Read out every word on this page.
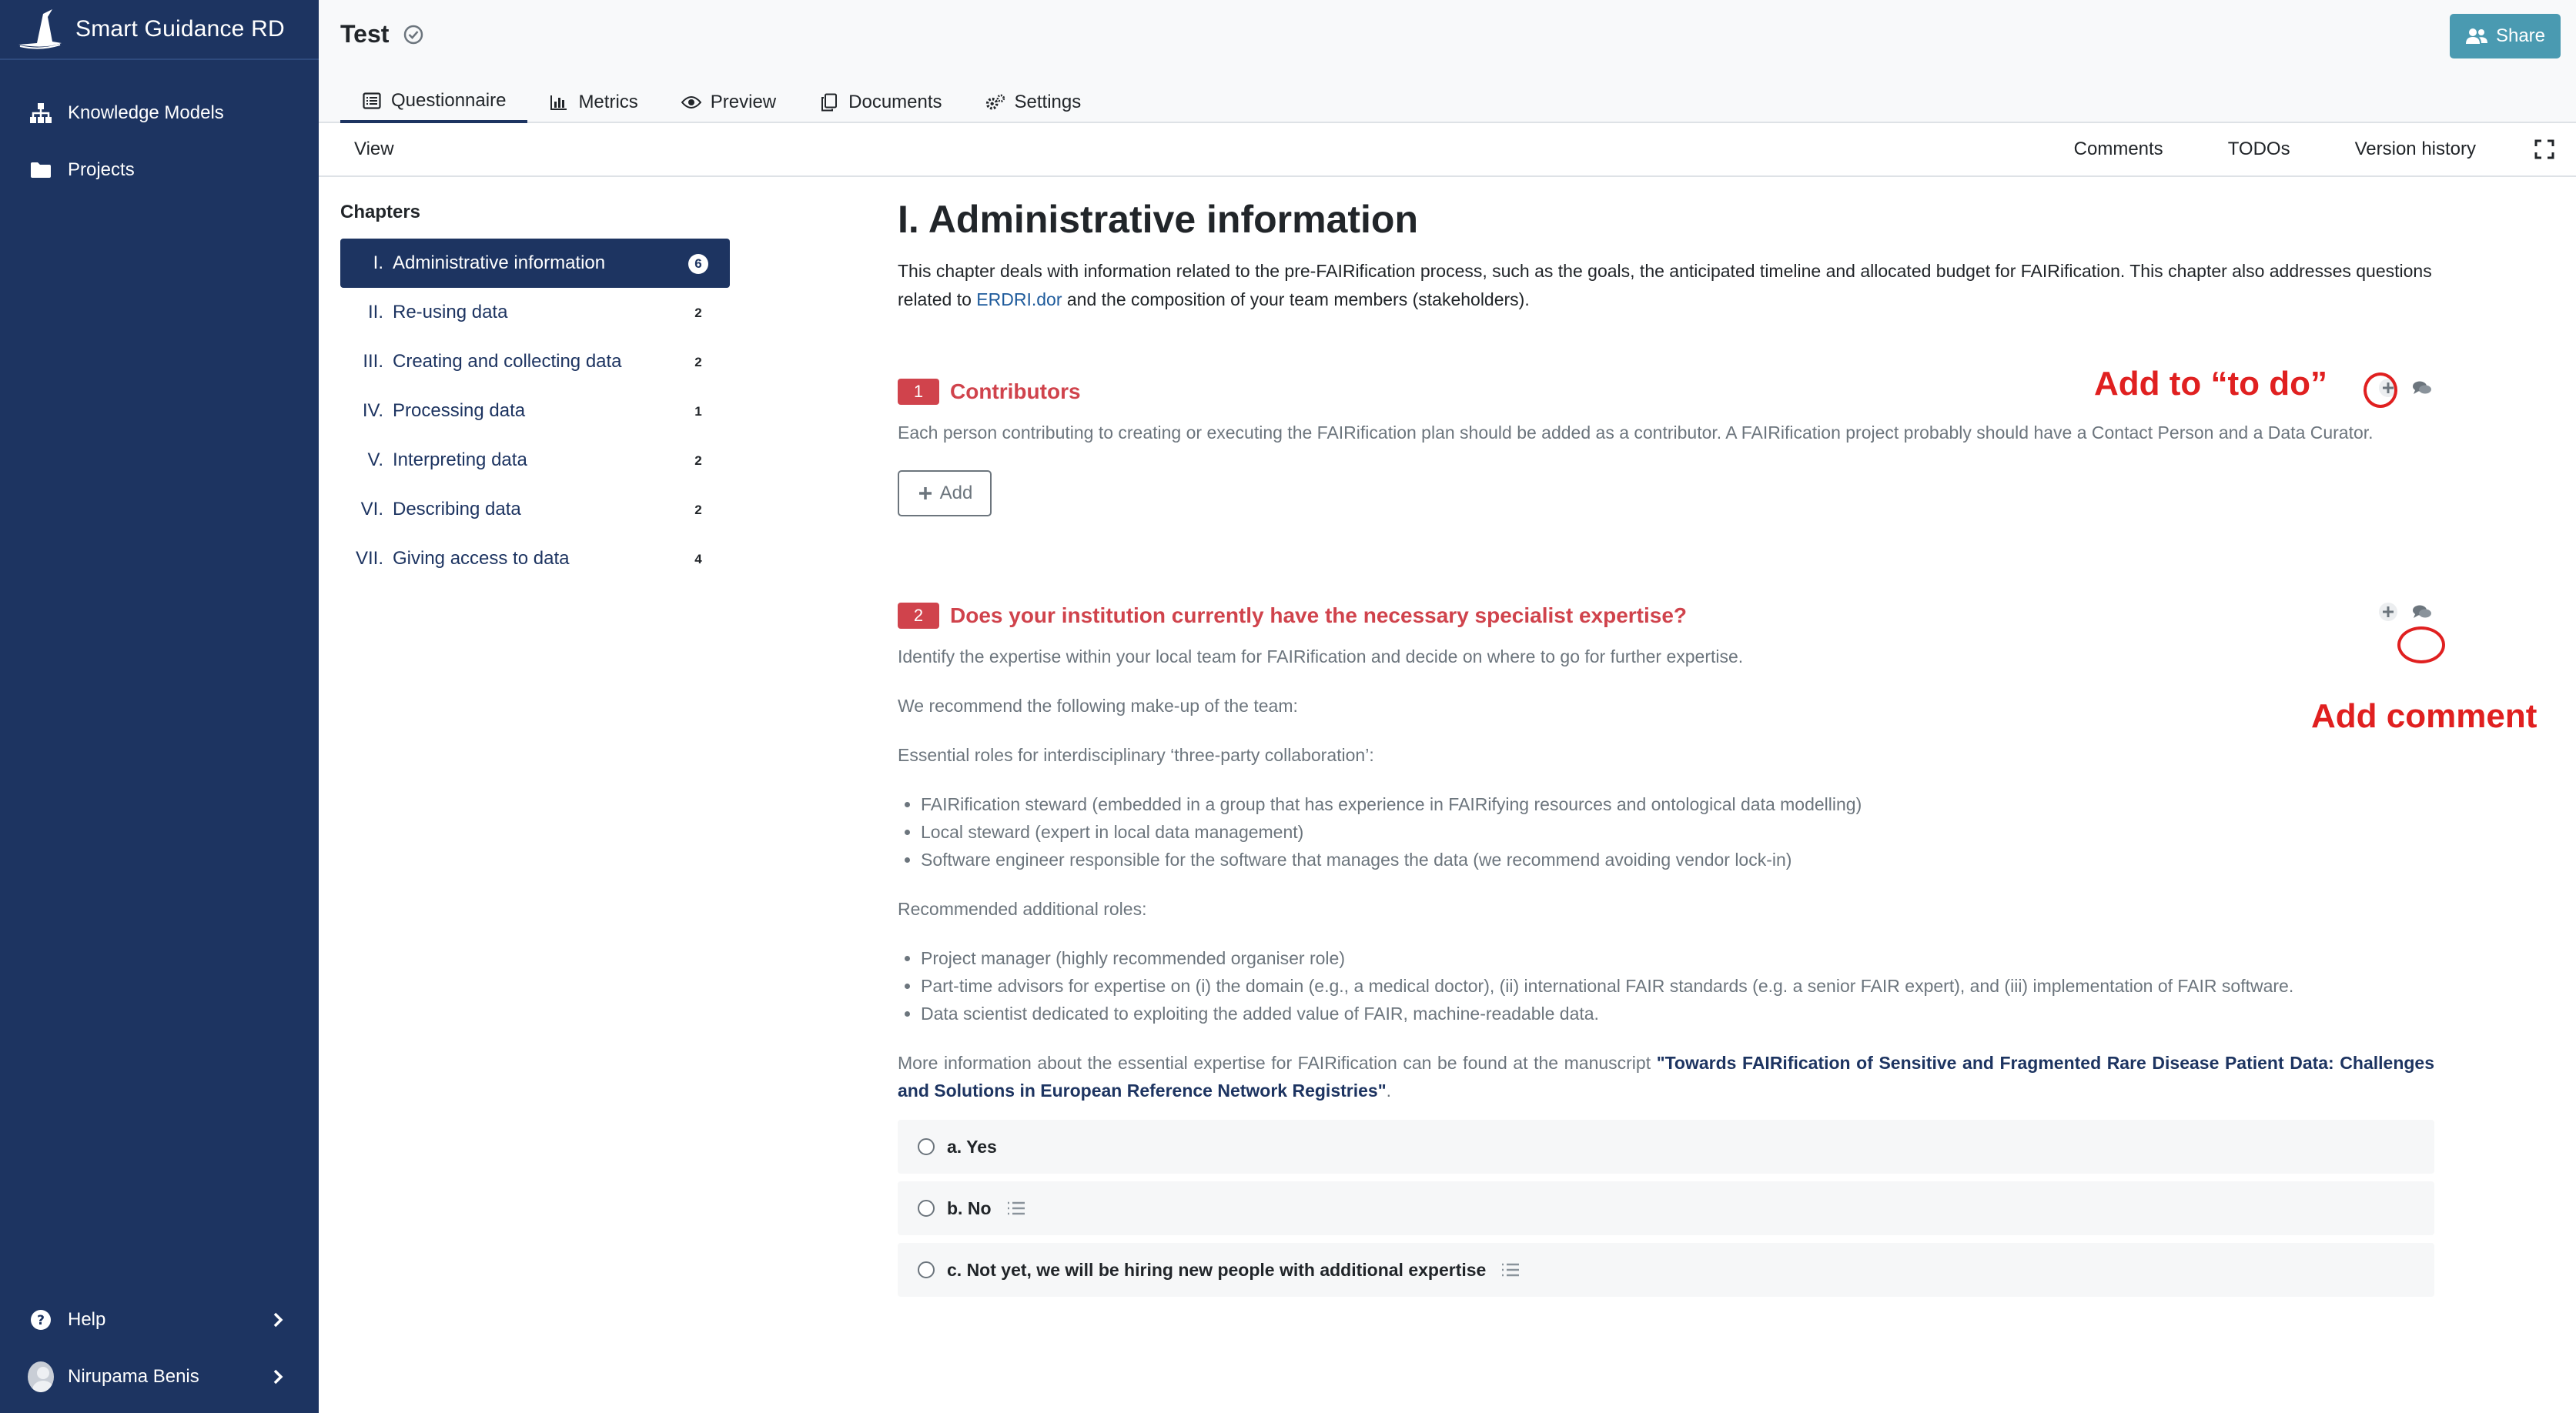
Smart Guidance RD
Knowledge Models
Projects
? Help
Nirupama Benis
Test	Share
Questionnaire	Metrics	Preview	Documents	Settings
View	Comments	TODOs	Version history
Chapters
I. Administrative information	6
II. Re-using data	2
III. Creating and collecting data	2
IV. Processing data	1
V. Interpreting data	2
VI. Describing data	2
VII. Giving access to data	4
I. Administrative information

This chapter deals with information related to the pre-FAIRification process, such as the goals, the anticipated timeline and allocated budget for FAIRification. This chapter also addresses questions related to ERDRI.dor and the composition of your team members (stakeholders).

1	Contributors

Each person contributing to creating or executing the FAIRification plan should be added as a contributor. A FAIRification project probably should have a Contact Person and a Data Curator.

Add
2	Does your institution currently have the necessary specialist expertise?

Identify the expertise within your local team for FAIRification and decide on where to go for further expertise.

We recommend the following make-up of the team:

Essential roles for interdisciplinary ‘three-party collaboration’:

• FAIRification steward (embedded in a group that has experience in FAIRifying resources and ontological data modelling)
• Local steward (expert in local data management)
• Software engineer responsible for the software that manages the data (we recommend avoiding vendor lock-in)

Recommended additional roles:

• Project manager (highly recommended organiser role)
• Part-time advisors for expertise on (i) the domain (e.g., a medical doctor), (ii) international FAIR standards (e.g. a senior FAIR expert), and (iii) implementation of FAIR software.
• Data scientist dedicated to exploiting the added value of FAIR, machine-readable data.

More information about the essential expertise for FAIRification can be found at the manuscript "Towards FAIRification of Sensitive and Fragmented Rare Disease Patient Data: Challenges and Solutions in European Reference Network Registries".

a. Yes
b. No
c. Not yet, we will be hiring new people with additional expertise
Add to “to do”
Add comment
